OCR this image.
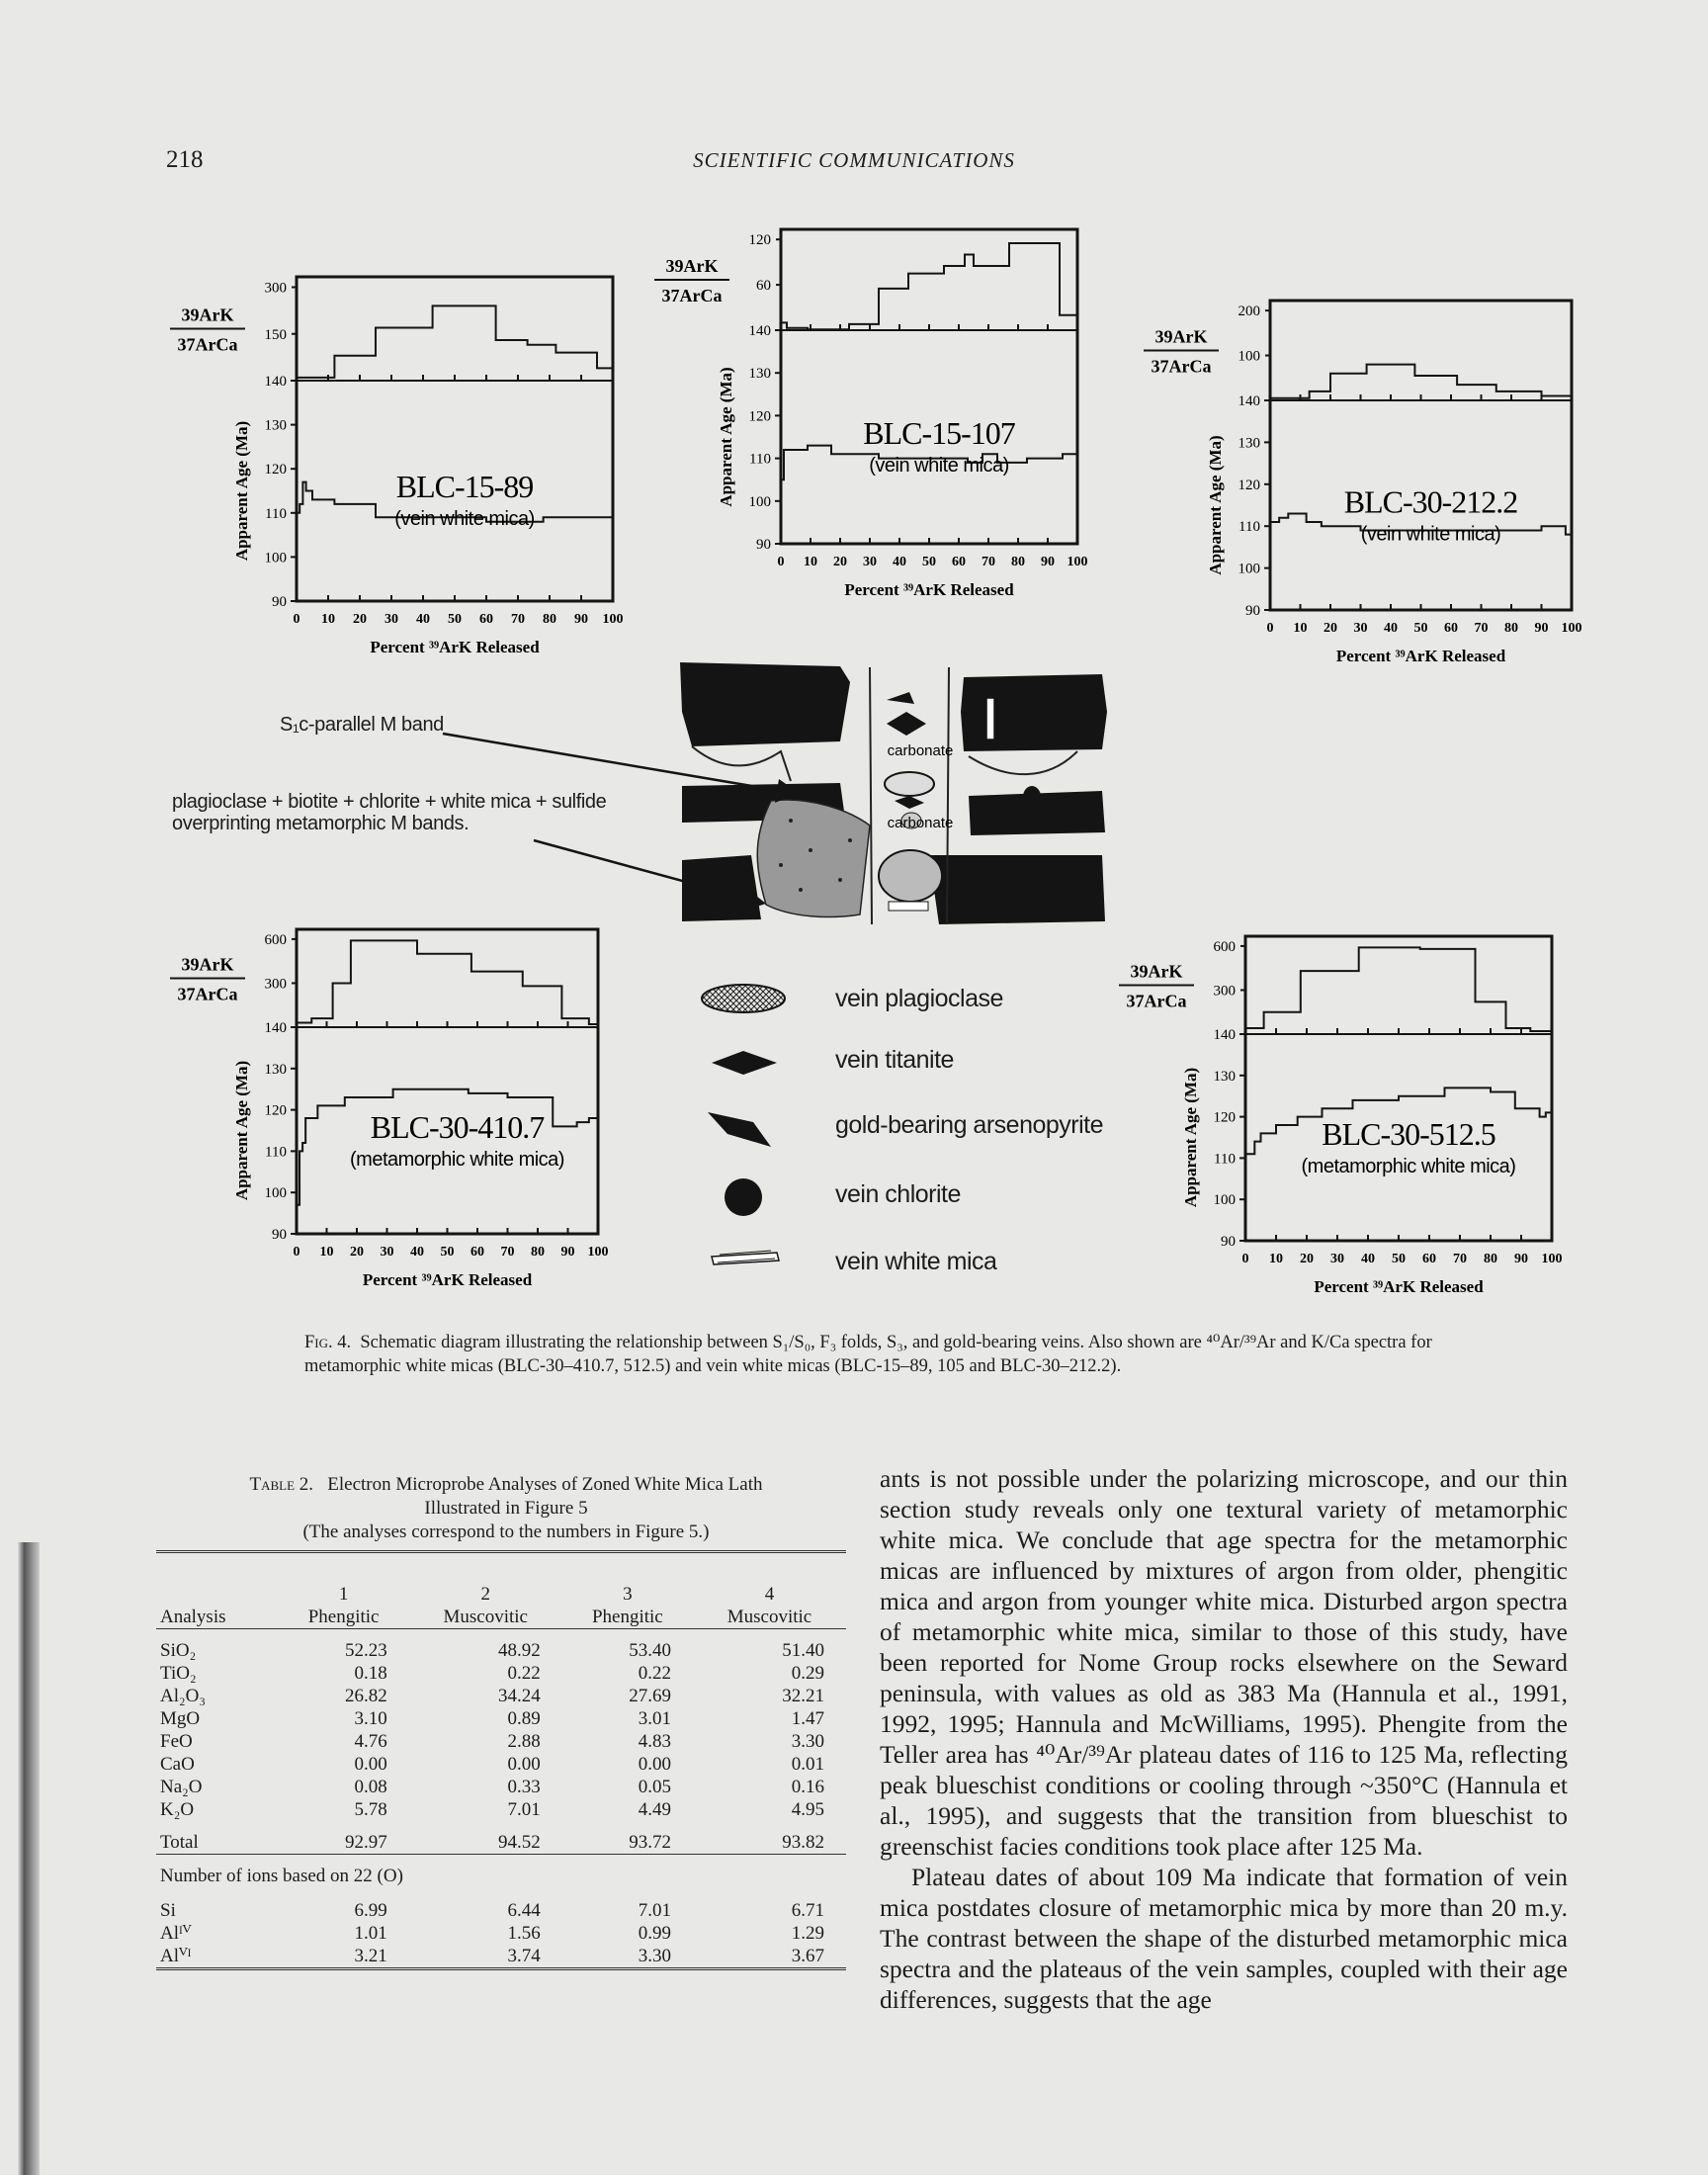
218	SCIENTIFIC COMMUNICATIONS
300
150
140
130
120
110
100
90
0 10 20 30 40 50 60 70 80 90 100
BLC-15-89
(vein white mica)
Apparent Age (Ma)
39ArK
37ArCa
Percent ³⁹ArK Released
120
60
140
130
120
110
100
90
0 10 20 30 40 50 60 70 80 90 100
BLC-15-107
(vein white mica)
Apparent Age (Ma)
39ArK
37ArCa
Percent ³⁹ArK Released
200
100
140
130
120
110
100
90
0 10 20 30 40 50 60 70 80 90 100
BLC-30-212.2
(vein white mica)
Apparent Age (Ma)
39ArK
37ArCa
Percent ³⁹ArK Released
600
300
140
130
120
110
100
90
0 10 20 30 40 50 60 70 80 90 100
BLC-30-410.7
(metamorphic white mica)
Apparent Age (Ma)
39ArK
37ArCa
Percent ³⁹ArK Released
600
300
140
130
120
110
100
90
0 10 20 30 40 50 60 70 80 90 100
BLC-30-512.5
(metamorphic white mica)
Apparent Age (Ma)
39ArK
37ArCa
Percent ³⁹ArK Released
carbonate
carbonate
S₁c-parallel M band
plagioclase + biotite + chlorite + white mica + sulfide
overprinting metamorphic M bands.
vein plagioclase
vein titanite
gold-bearing arsenopyrite
vein chlorite
vein white mica
Fig. 4. Schematic diagram illustrating the relationship between S₁/S₀, F₃ folds, S₃, and gold-bearing veins. Also shown are ⁴⁰Ar/³⁹Ar and K/Ca spectra for metamorphic white micas (BLC-30–410.7, 512.5) and vein white micas (BLC-15–89, 105 and BLC-30–212.2).
Table 2. Electron Microprobe Analyses of Zoned White Mica Lath
Illustrated in Figure 5
(The analyses correspond to the numbers in Figure 5.)

	1	2	3	4
Analysis	Phengitic	Muscovitic	Phengitic	Muscovitic

SiO₂	52.23	48.92	53.40	51.40
TiO₂	0.18	0.22	0.22	0.29
Al₂O₃	26.82	34.24	27.69	32.21
MgO	3.10	0.89	3.01	1.47
FeO	4.76	2.88	4.83	3.30
CaO	0.00	0.00	0.00	0.01
Na₂O	0.08	0.33	0.05	0.16
K₂O	5.78	7.01	4.49	4.95

Total	92.97	94.52	93.72	93.82

Number of ions based on 22 (O)				

Si	6.99	6.44	7.01	6.71
Alᴵⱽ	1.01	1.56	0.99	1.29
Alⱽᴵ	3.21	3.74	3.30	3.67

ants is not possible under the polarizing microscope, and our thin section study reveals only one textural variety of metamorphic white mica. We conclude that age spectra for the metamorphic micas are influenced by mixtures of argon from older, phengitic mica and argon from younger white mica. Disturbed argon spectra of metamorphic white mica, similar to those of this study, have been reported for Nome Group rocks elsewhere on the Seward peninsula, with values as old as 383 Ma (Hannula et al., 1991, 1992, 1995; Hannula and McWilliams, 1995). Phengite from the Teller area has ⁴⁰Ar/³⁹Ar plateau dates of 116 to 125 Ma, reflecting peak blueschist conditions or cooling through ~350°C (Hannula et al., 1995), and suggests that the transition from blueschist to greenschist facies conditions took place after 125 Ma.

Plateau dates of about 109 Ma indicate that formation of vein mica postdates closure of metamorphic mica by more than 20 m.y. The contrast between the shape of the disturbed metamorphic mica spectra and the plateaus of the vein samples, coupled with their age differences, suggests that the age
